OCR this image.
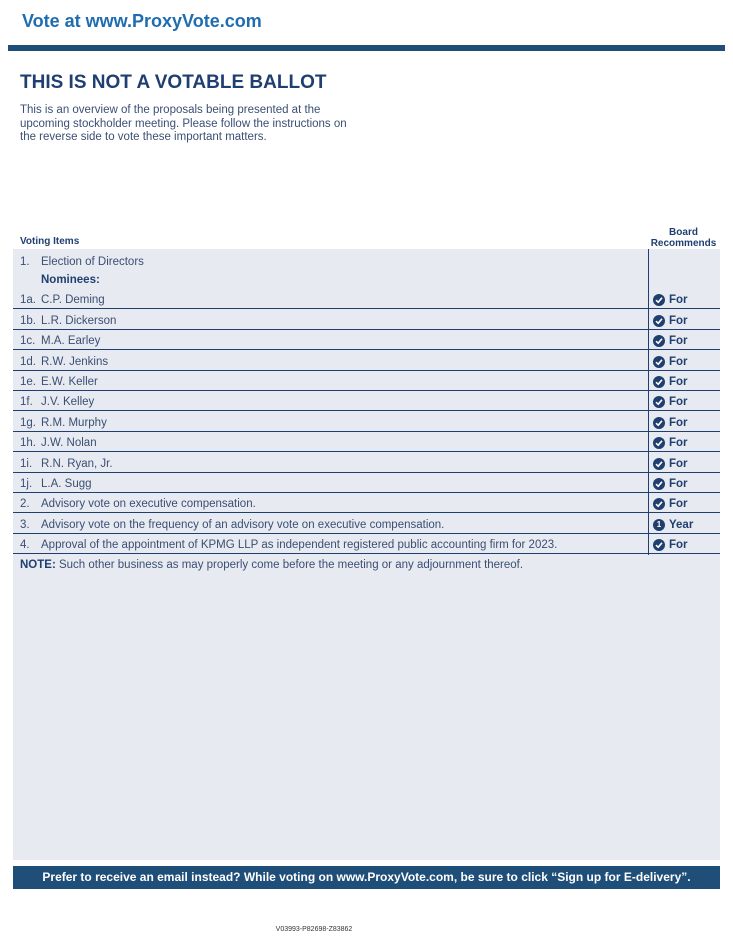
Vote at www.ProxyVote.com
THIS IS NOT A VOTABLE BALLOT
This is an overview of the proposals being presented at the upcoming stockholder meeting. Please follow the instructions on the reverse side to vote these important matters.
Voting Items
Board Recommends
1. Election of Directors
Nominees:
1a. C.P. Deming	For
1b. L.R. Dickerson	For
1c. M.A. Earley	For
1d. R.W. Jenkins	For
1e. E.W. Keller	For
1f. J.V. Kelley	For
1g. R.M. Murphy	For
1h. J.W. Nolan	For
1i. R.N. Ryan, Jr.	For
1j. L.A. Sugg	For
2. Advisory vote on executive compensation.	For
3. Advisory vote on the frequency of an advisory vote on executive compensation.	1 Year
4. Approval of the appointment of KPMG LLP as independent registered public accounting firm for 2023.	For
NOTE: Such other business as may properly come before the meeting or any adjournment thereof.
Prefer to receive an email instead? While voting on www.ProxyVote.com, be sure to click “Sign up for E-delivery”.
V03993-P82698-Z83862
